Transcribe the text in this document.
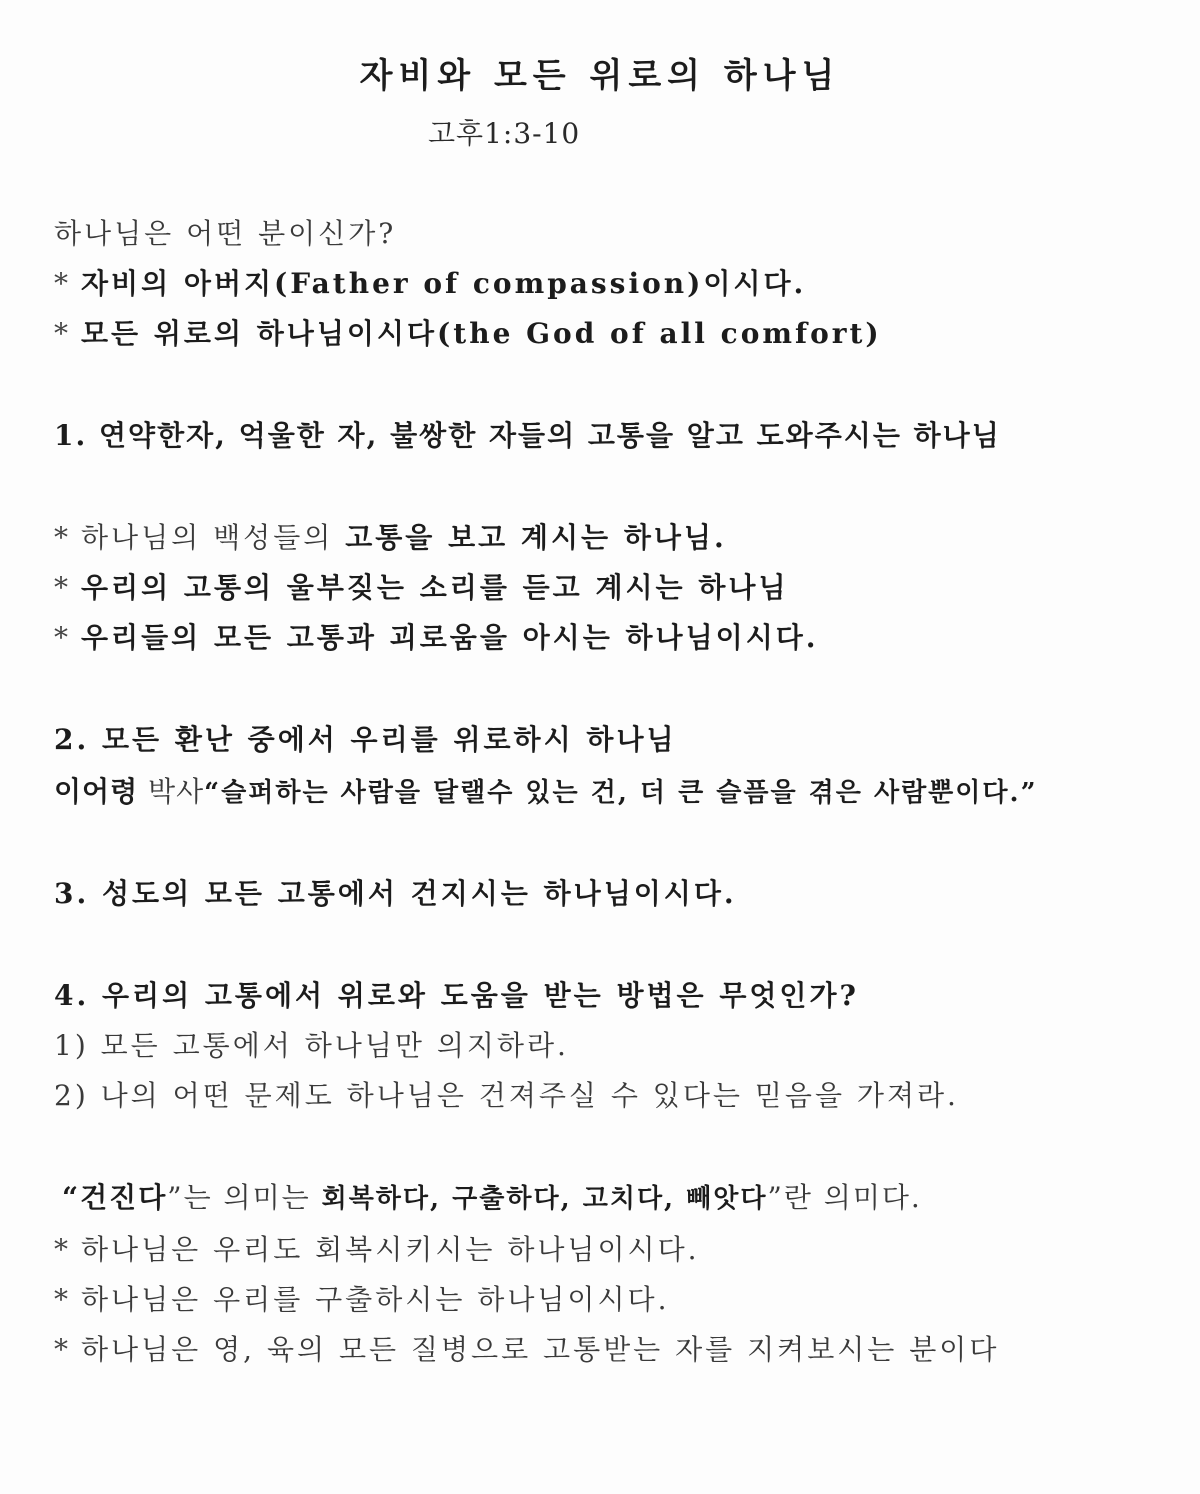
자비와 모든 위로의 하나님
고후1:3-10
하나님은 어떤 분이신가?
* 자비의 아버지(Father of compassion)이시다.
* 모든 위로의 하나님이시다(the God of all comfort)
1. 연약한자, 억울한 자, 불쌍한 자들의 고통을 알고 도와주시는 하나님
* 하나님의 백성들의 고통을 보고 계시는 하나님.
* 우리의 고통의 울부짖는 소리를 듣고 계시는 하나님
* 우리들의 모든 고통과 괴로움을 아시는 하나님이시다.
2. 모든 환난 중에서 우리를 위로하시 하나님
이어령 박사“슬퍼하는 사람을 달랠수 있는 건, 더 큰 슬픔을 겪은 사람뿐이다.”
3. 성도의 모든 고통에서 건지시는 하나님이시다.
4. 우리의 고통에서 위로와 도움을 받는 방법은 무엇인가?
1) 모든 고통에서 하나님만 의지하라.
2) 나의 어떤 문제도 하나님은 건져주실 수 있다는 믿음을 가져라.
“건진다”는 의미는 회복하다, 구출하다, 고치다, 빼앗다”란 의미다.
* 하나님은 우리도 회복시키시는 하나님이시다.
* 하나님은 우리를 구출하시는 하나님이시다.
* 하나님은 영, 육의 모든 질병으로 고통받는 자를 지켜보시는 분이다
